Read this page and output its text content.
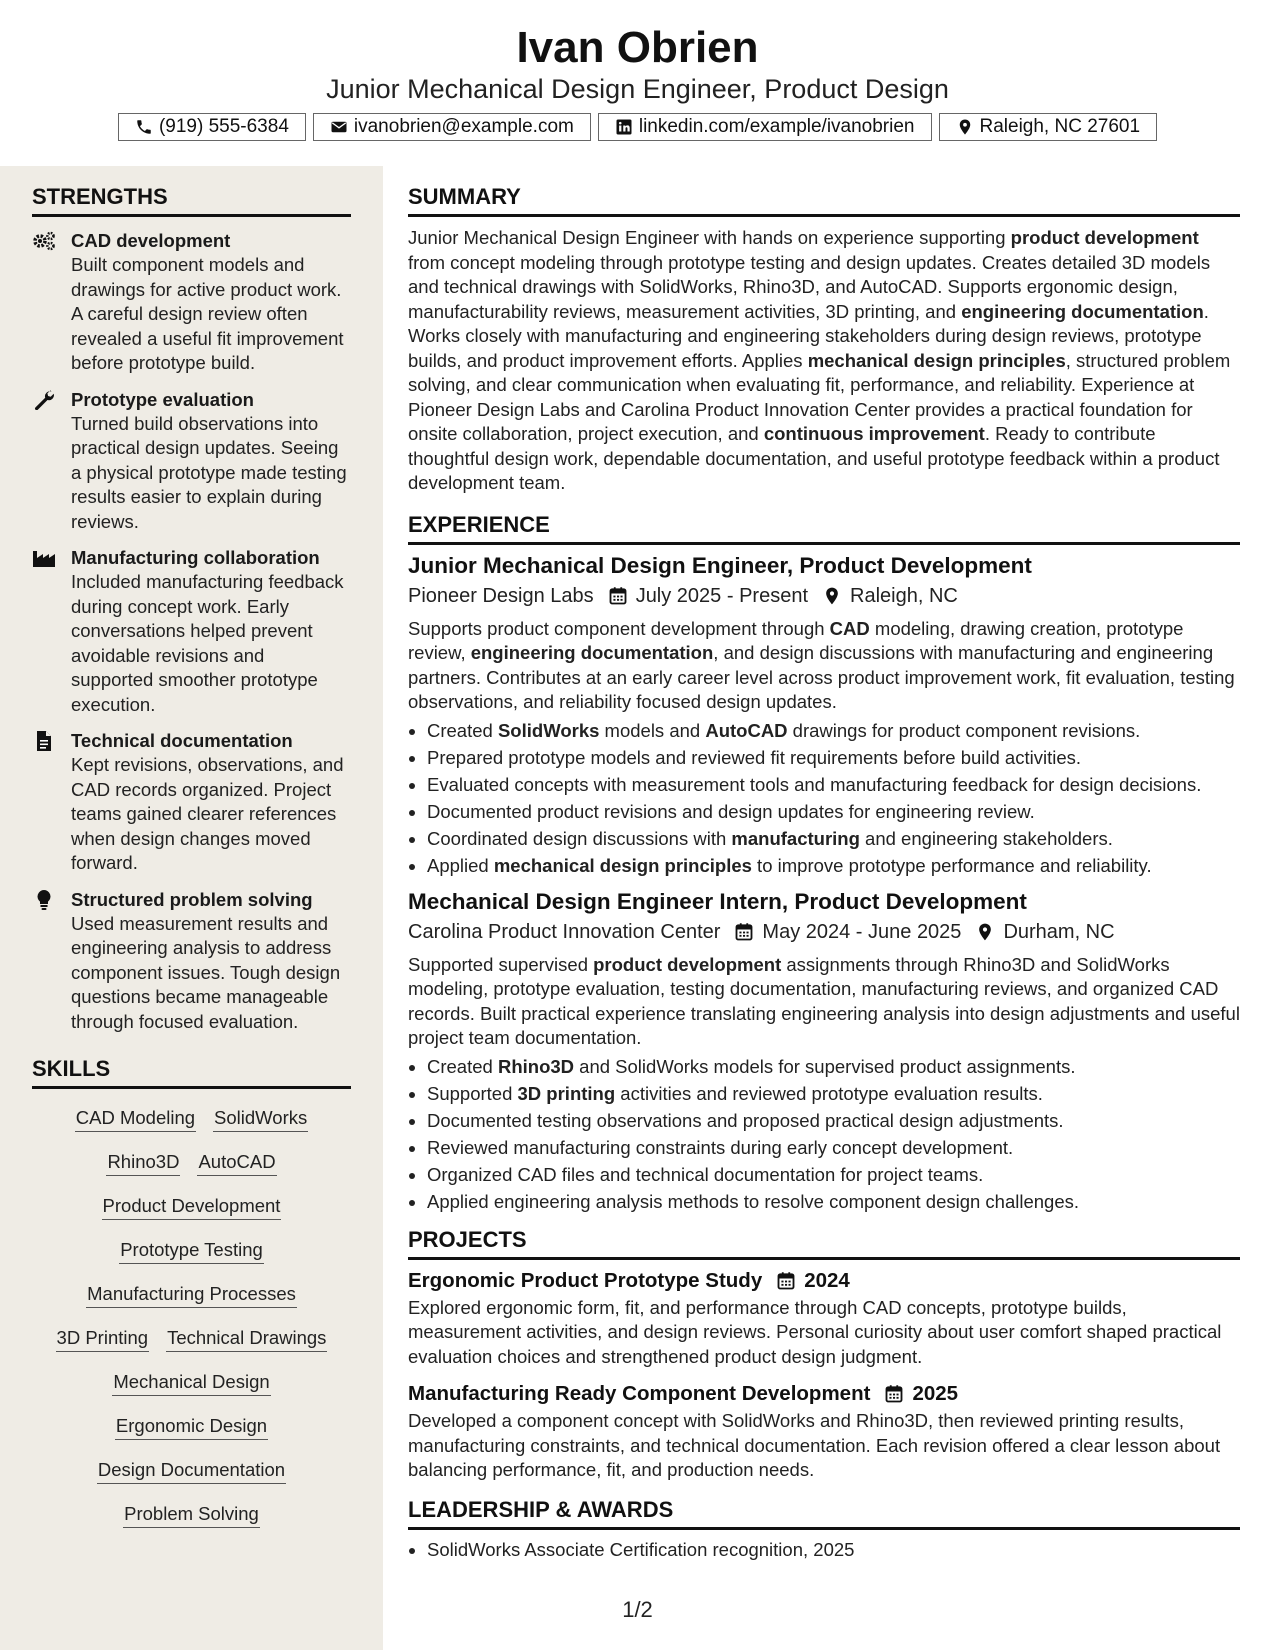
Ivan Obrien
Junior Mechanical Design Engineer, Product Design
(919) 555-6384	ivanobrien@example.com	linkedin.com/example/ivanobrien	Raleigh, NC 27601
STRENGTHS
CAD development
Built component models and drawings for active product work. A careful design review often revealed a useful fit improvement before prototype build.
Prototype evaluation
Turned build observations into practical design updates. Seeing a physical prototype made testing results easier to explain during reviews.
Manufacturing collaboration
Included manufacturing feedback during concept work. Early conversations helped prevent avoidable revisions and supported smoother prototype execution.
Technical documentation
Kept revisions, observations, and CAD records organized. Project teams gained clearer references when design changes moved forward.
Structured problem solving
Used measurement results and engineering analysis to address component issues. Tough design questions became manageable through focused evaluation.
SKILLS
CAD Modeling SolidWorks
Rhino3D AutoCAD
Product Development
Prototype Testing
Manufacturing Processes
3D Printing Technical Drawings
Mechanical Design
Ergonomic Design
Design Documentation
Problem Solving
SUMMARY
Junior Mechanical Design Engineer with hands on experience supporting product development from concept modeling through prototype testing and design updates. Creates detailed 3D models and technical drawings with SolidWorks, Rhino3D, and AutoCAD. Supports ergonomic design, manufacturability reviews, measurement activities, 3D printing, and engineering documentation. Works closely with manufacturing and engineering stakeholders during design reviews, prototype builds, and product improvement efforts. Applies mechanical design principles, structured problem solving, and clear communication when evaluating fit, performance, and reliability. Experience at Pioneer Design Labs and Carolina Product Innovation Center provides a practical foundation for onsite collaboration, project execution, and continuous improvement. Ready to contribute thoughtful design work, dependable documentation, and useful prototype feedback within a product development team.
EXPERIENCE
Junior Mechanical Design Engineer, Product Development
Pioneer Design Labs July 2025 - Present Raleigh, NC
Supports product component development through CAD modeling, drawing creation, prototype review, engineering documentation, and design discussions with manufacturing and engineering partners. Contributes at an early career level across product improvement work, fit evaluation, testing observations, and reliability focused design updates.
• Created SolidWorks models and AutoCAD drawings for product component revisions.
• Prepared prototype models and reviewed fit requirements before build activities.
• Evaluated concepts with measurement tools and manufacturing feedback for design decisions.
• Documented product revisions and design updates for engineering review.
• Coordinated design discussions with manufacturing and engineering stakeholders.
• Applied mechanical design principles to improve prototype performance and reliability.
Mechanical Design Engineer Intern, Product Development
Carolina Product Innovation Center May 2024 - June 2025 Durham, NC
Supported supervised product development assignments through Rhino3D and SolidWorks modeling, prototype evaluation, testing documentation, manufacturing reviews, and organized CAD records. Built practical experience translating engineering analysis into design adjustments and useful project team documentation.
• Created Rhino3D and SolidWorks models for supervised product assignments.
• Supported 3D printing activities and reviewed prototype evaluation results.
• Documented testing observations and proposed practical design adjustments.
• Reviewed manufacturing constraints during early concept development.
• Organized CAD files and technical documentation for project teams.
• Applied engineering analysis methods to resolve component design challenges.
PROJECTS
Ergonomic Product Prototype Study 2024
Explored ergonomic form, fit, and performance through CAD concepts, prototype builds, measurement activities, and design reviews. Personal curiosity about user comfort shaped practical evaluation choices and strengthened product design judgment.
Manufacturing Ready Component Development 2025
Developed a component concept with SolidWorks and Rhino3D, then reviewed printing results, manufacturing constraints, and technical documentation. Each revision offered a clear lesson about balancing performance, fit, and production needs.
LEADERSHIP & AWARDS
• SolidWorks Associate Certification recognition, 2025
1/2
